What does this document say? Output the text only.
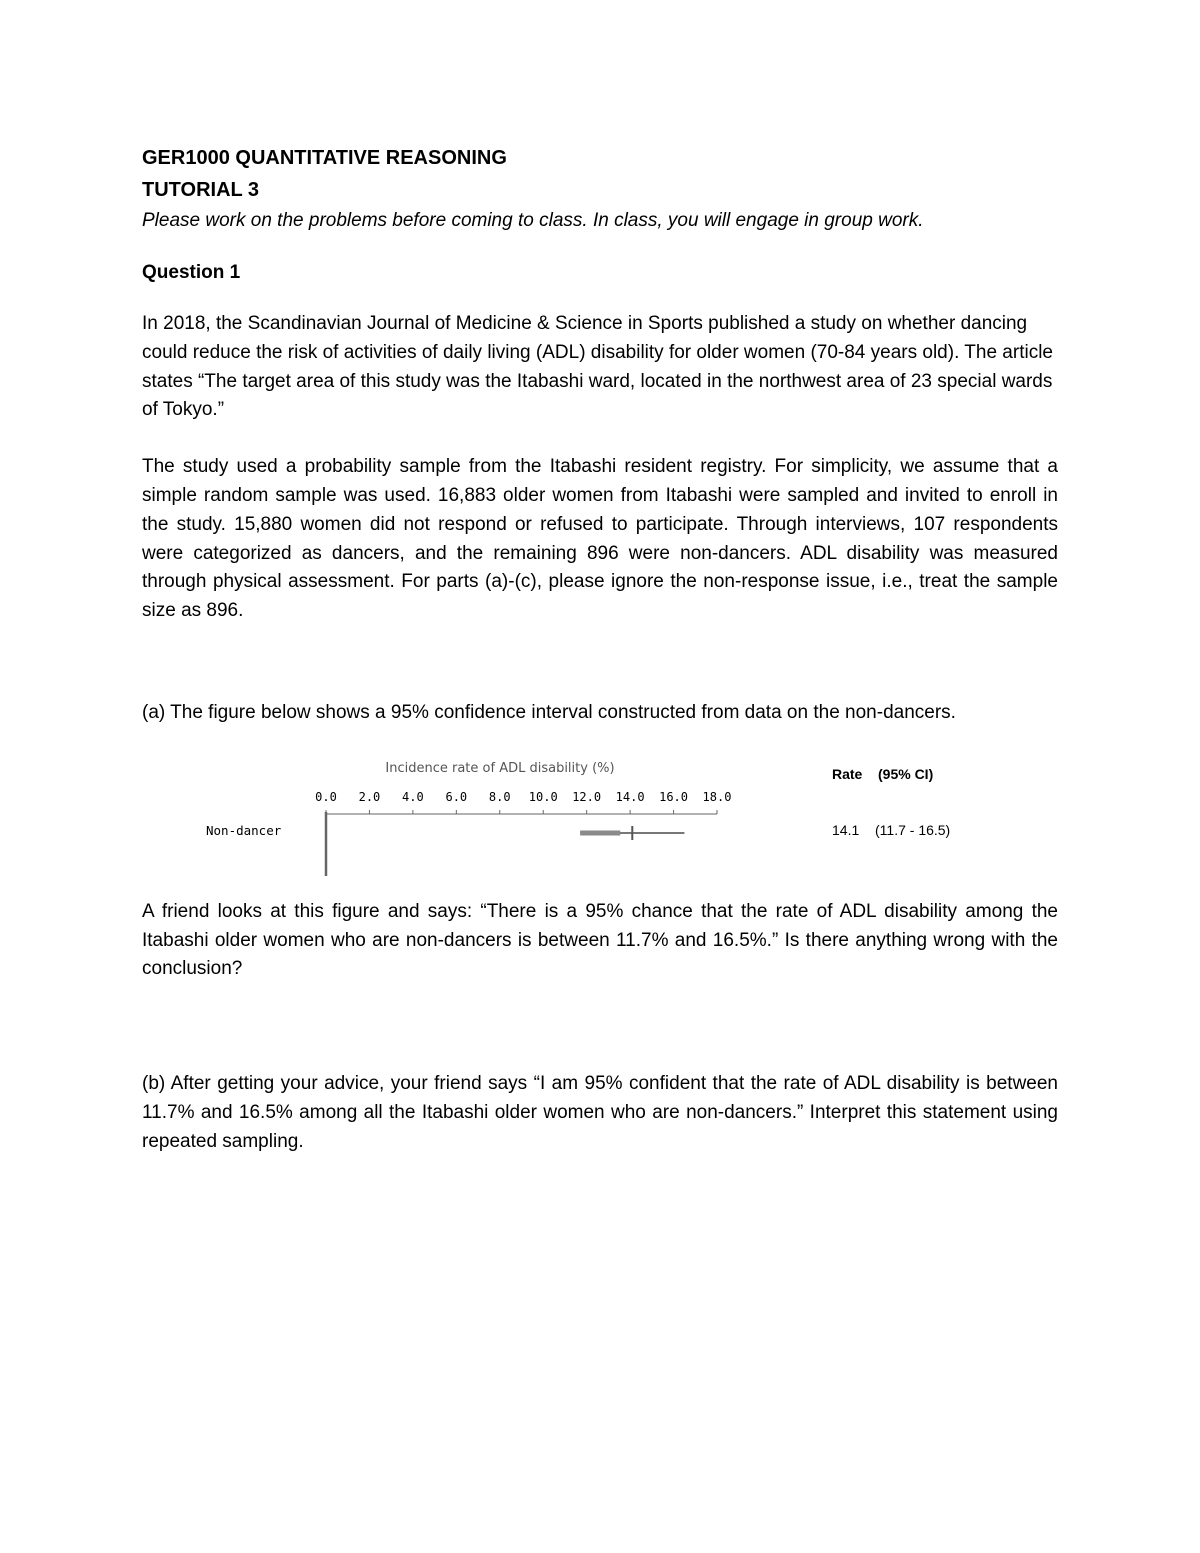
GER1000 QUANTITATIVE REASONING

TUTORIAL 3

Please work on the problems before coming to class. In class, you will engage in group work.

Question 1

In 2018, the Scandinavian Journal of Medicine & Science in Sports published a study on whether dancing could reduce the risk of activities of daily living (ADL) disability for older women (70-84 years old). The article states “The target area of this study was the Itabashi ward, located in the northwest area of 23 special wards of Tokyo.”

The study used a probability sample from the Itabashi resident registry. For simplicity, we assume that a simple random sample was used. 16,883 older women from Itabashi were sampled and invited to enroll in the study. 15,880 women did not respond or refused to participate. Through interviews, 107 respondents were categorized as dancers, and the remaining 896 were non-dancers. ADL disability was measured through physical assessment. For parts (a)-(c), please ignore the non-response issue, i.e., treat the sample size as 896.

(a) The figure below shows a 95% confidence interval constructed from data on the non-dancers.

Incidence rate of ADL disability (%)
0.0 2.0 4.0 6.0 8.0 10.0 12.0 14.0 16.0 18.0
Non-dancer
Rate (95% CI)
14.1 (11.7 - 16.5)

A friend looks at this figure and says: “There is a 95% chance that the rate of ADL disability among the Itabashi older women who are non-dancers is between 11.7% and 16.5%.” Is there anything wrong with the conclusion?

(b) After getting your advice, your friend says “I am 95% confident that the rate of ADL disability is between 11.7% and 16.5% among all the Itabashi older women who are non-dancers.” Interpret this statement using repeated sampling.
